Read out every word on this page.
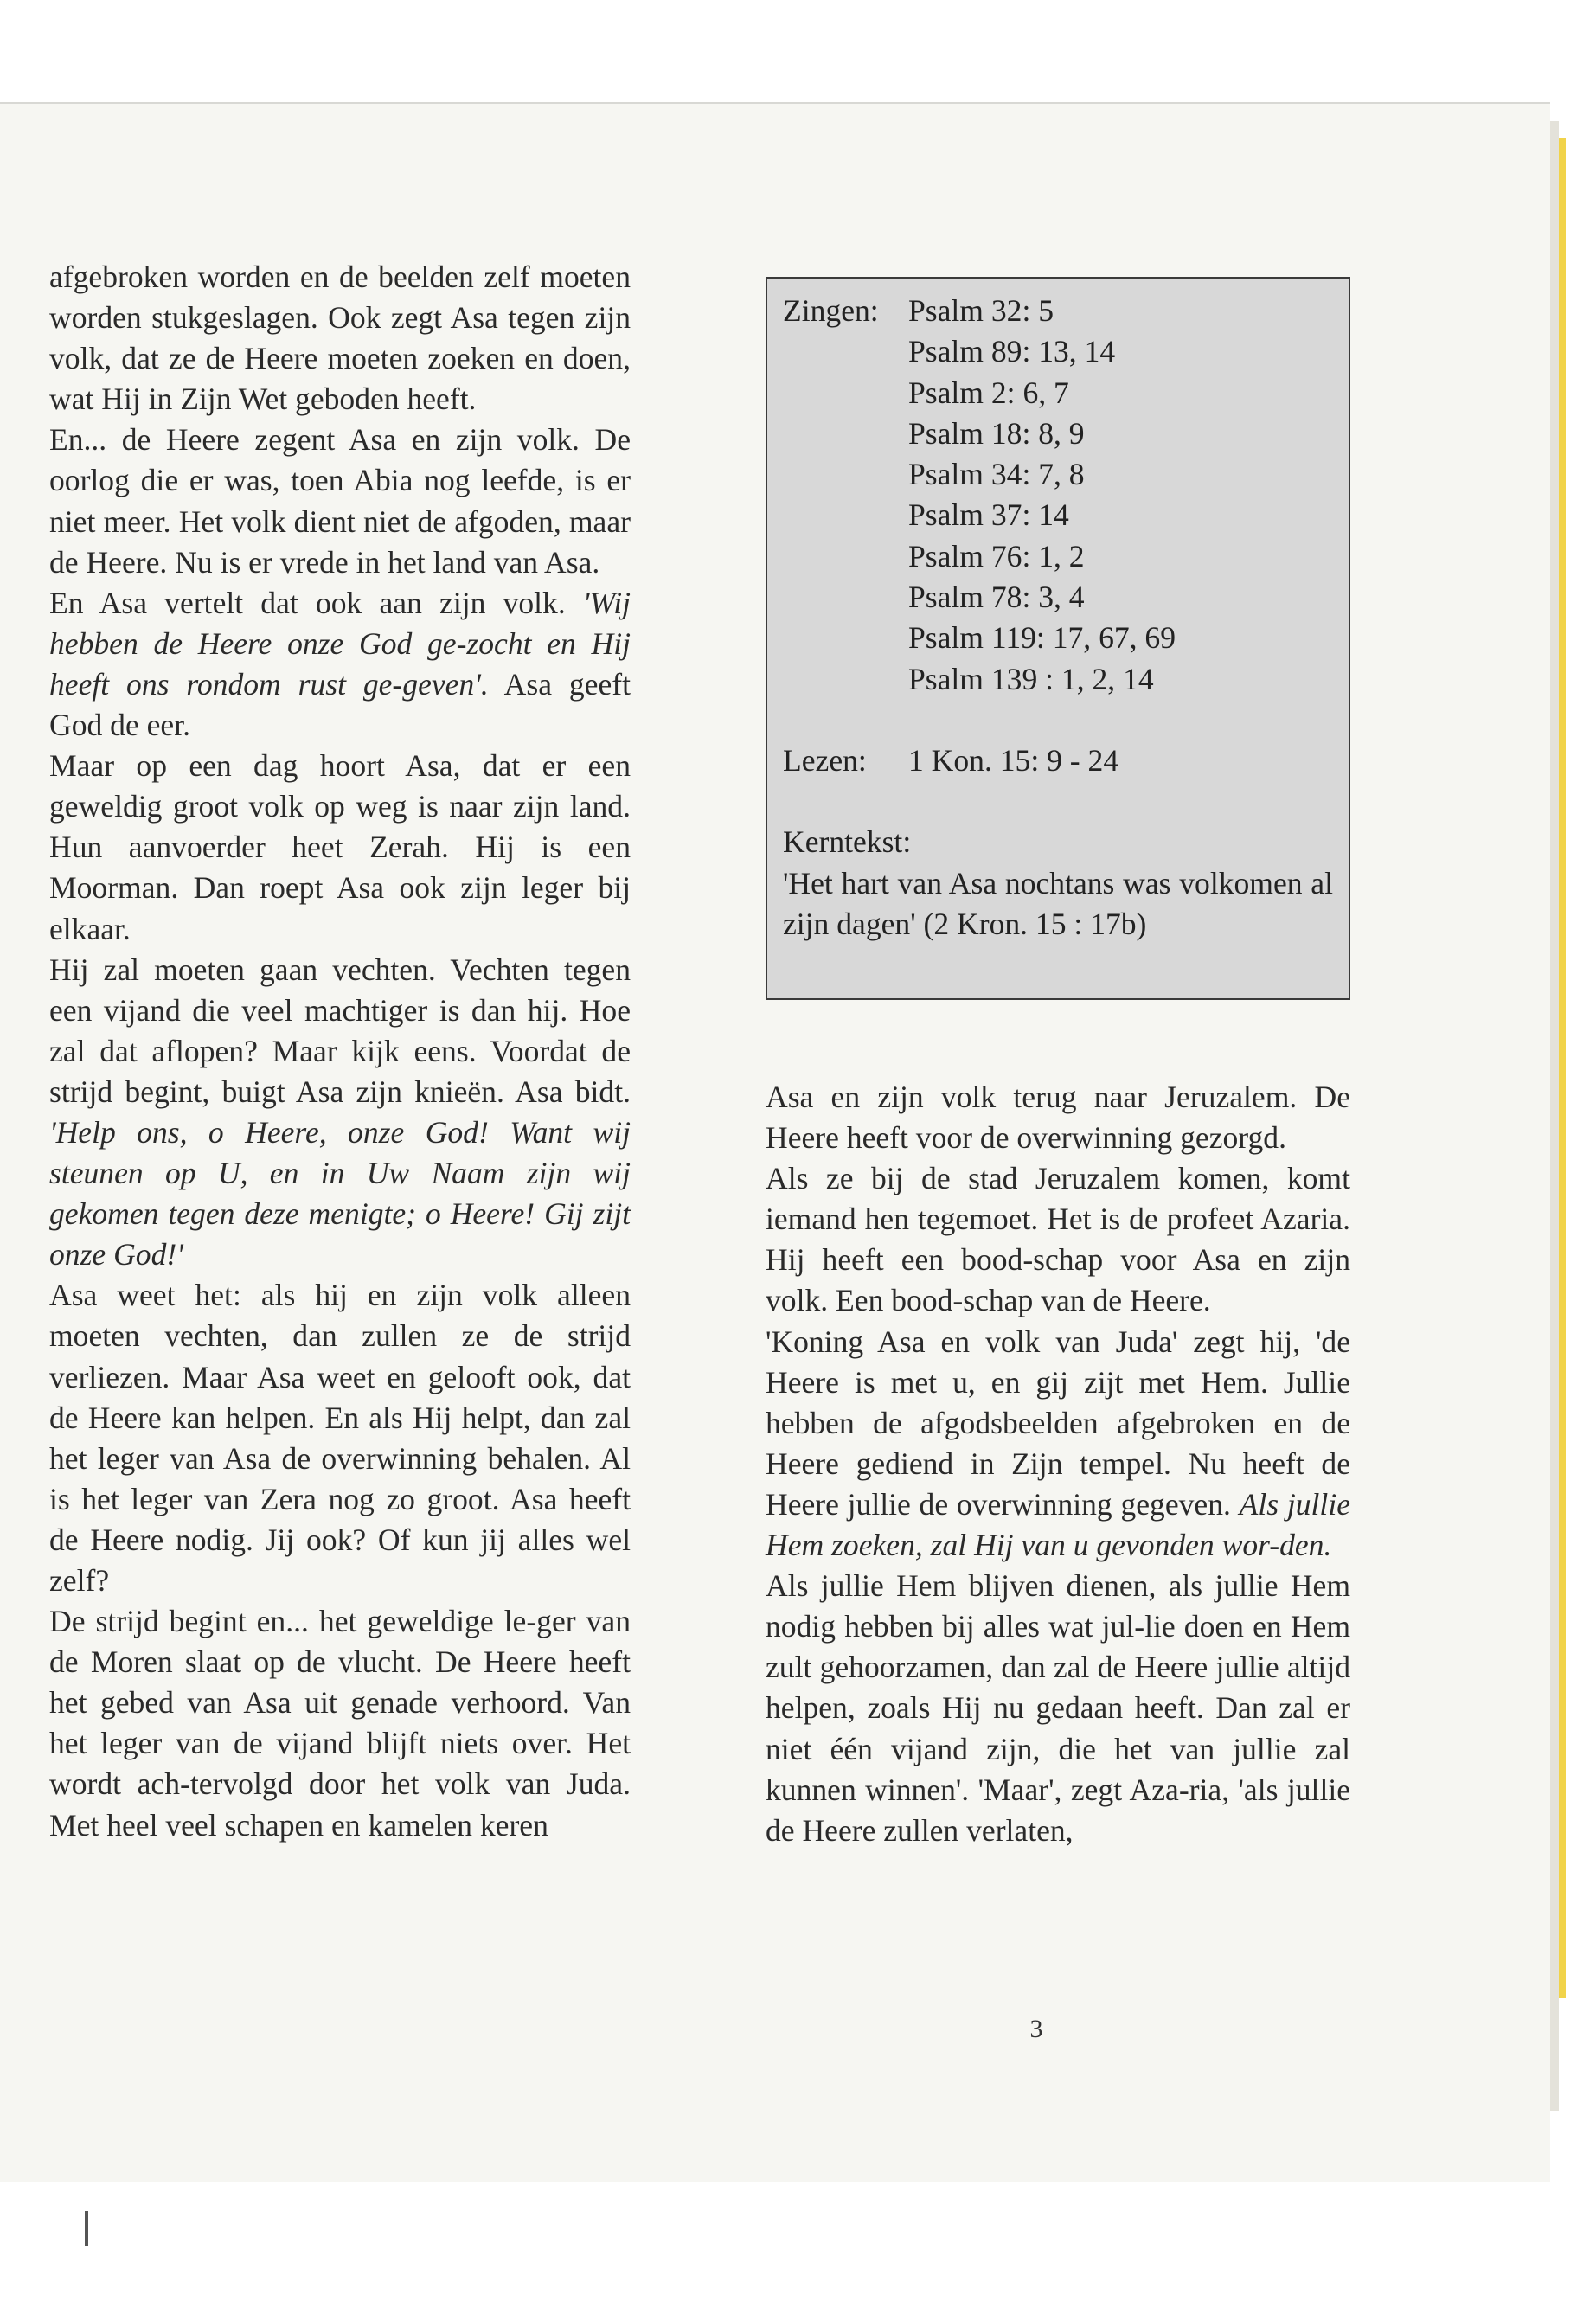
afgebroken worden en de beelden zelf moeten worden stukgeslagen. Ook zegt Asa tegen zijn volk, dat ze de Heere moeten zoeken en doen, wat Hij in Zijn Wet geboden heeft.

En... de Heere zegent Asa en zijn volk. De oorlog die er was, toen Abia nog leefde, is er niet meer. Het volk dient niet de afgoden, maar de Heere. Nu is er vrede in het land van Asa.

En Asa vertelt dat ook aan zijn volk. 'Wij hebben de Heere onze God ge-zocht en Hij heeft ons rondom rust ge-geven'. Asa geeft God de eer.

Maar op een dag hoort Asa, dat er een geweldig groot volk op weg is naar zijn land. Hun aanvoerder heet Zerah. Hij is een Moorman. Dan roept Asa ook zijn leger bij elkaar.

Hij zal moeten gaan vechten. Vechten tegen een vijand die veel machtiger is dan hij. Hoe zal dat aflopen? Maar kijk eens. Voordat de strijd begint, buigt Asa zijn knieën. Asa bidt. 'Help ons, o Heere, onze God! Want wij steunen op U, en in Uw Naam zijn wij gekomen tegen deze menigte; o Heere! Gij zijt onze God!'

Asa weet het: als hij en zijn volk alleen moeten vechten, dan zullen ze de strijd verliezen. Maar Asa weet en gelooft ook, dat de Heere kan helpen. En als Hij helpt, dan zal het leger van Asa de overwinning behalen. Al is het leger van Zera nog zo groot. Asa heeft de Heere nodig. Jij ook? Of kun jij alles wel zelf?

De strijd begint en... het geweldige le-ger van de Moren slaat op de vlucht. De Heere heeft het gebed van Asa uit genade verhoord. Van het leger van de vijand blijft niets over. Het wordt ach-tervolgd door het volk van Juda. Met heel veel schapen en kamelen keren

Zingen: Psalm 32: 5
Psalm 89: 13, 14
Psalm 2: 6, 7
Psalm 18: 8, 9
Psalm 34: 7, 8
Psalm 37: 14
Psalm 76: 1, 2
Psalm 78: 3, 4
Psalm 119: 17, 67, 69
Psalm 139 : 1, 2, 14
Lezen:	1 Kon. 15: 9 - 24
Kerntekst:
'Het hart van Asa nochtans was volkomen al zijn dagen' (2 Kron. 15 : 17b)

Asa en zijn volk terug naar Jeruzalem. De Heere heeft voor de overwinning gezorgd.

Als ze bij de stad Jeruzalem komen, komt iemand hen tegemoet. Het is de profeet Azaria. Hij heeft een bood-schap voor Asa en zijn volk. Een bood-schap van de Heere.

'Koning Asa en volk van Juda' zegt hij, 'de Heere is met u, en gij zijt met Hem. Jullie hebben de afgodsbeelden afgebroken en de Heere gediend in Zijn tempel. Nu heeft de Heere jullie de overwinning gegeven. Als jullie Hem zoeken, zal Hij van u gevonden wor-den.

Als jullie Hem blijven dienen, als jullie Hem nodig hebben bij alles wat jul-lie doen en Hem zult gehoorzamen, dan zal de Heere jullie altijd helpen, zoals Hij nu gedaan heeft. Dan zal er niet één vijand zijn, die het van jullie zal kunnen winnen'. 'Maar', zegt Aza-ria, 'als jullie de Heere zullen verlaten,

3
